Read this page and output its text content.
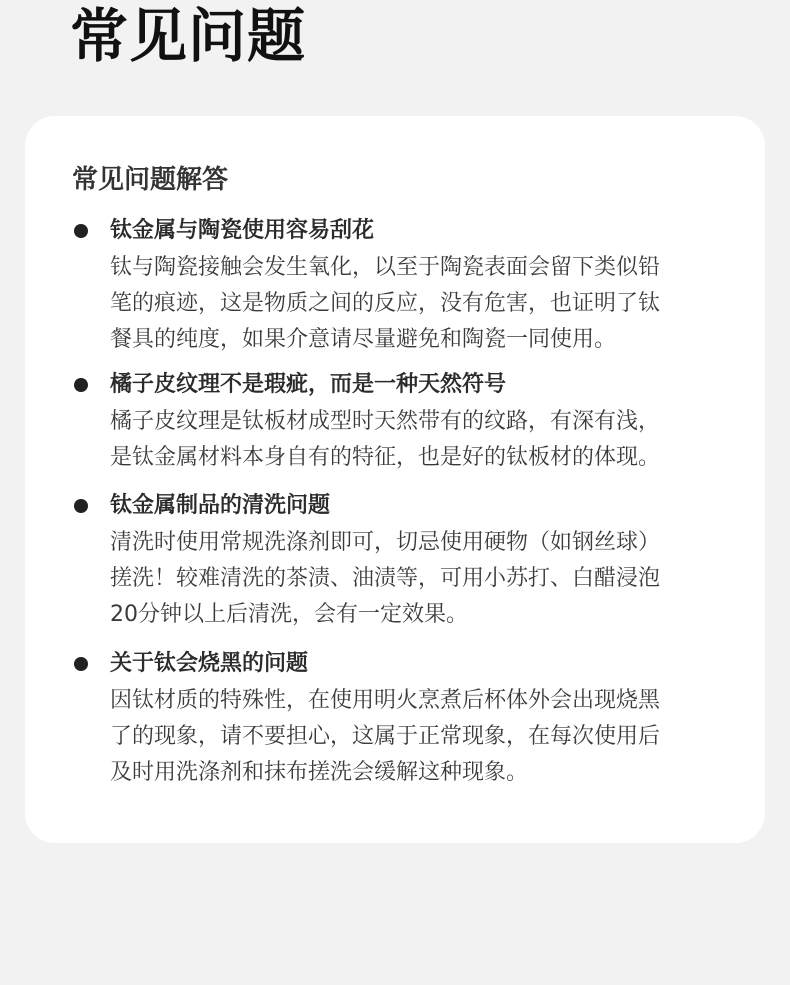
常见问题
常见问题解答
钛金属与陶瓷使用容易刮花

钛与陶瓷接触会发生氧化，以至于陶瓷表面会留下类似铅
笔的痕迹，这是物质之间的反应，没有危害，也证明了钛
餐具的纯度，如果介意请尽量避免和陶瓷一同使用。

橘子皮纹理不是瑕疵，而是一种天然符号

橘子皮纹理是钛板材成型时天然带有的纹路，有深有浅，
是钛金属材料本身自有的特征，也是好的钛板材的体现。

钛金属制品的清洗问题

清洗时使用常规洗涤剂即可，切忌使用硬物（如钢丝球）
搓洗！较难清洗的茶渍、油渍等，可用小苏打、白醋浸泡
20分钟以上后清洗，会有一定效果。

关于钛会烧黑的问题

因钛材质的特殊性，在使用明火烹煮后杯体外会出现烧黑
了的现象，请不要担心，这属于正常现象，在每次使用后
及时用洗涤剂和抹布搓洗会缓解这种现象。
